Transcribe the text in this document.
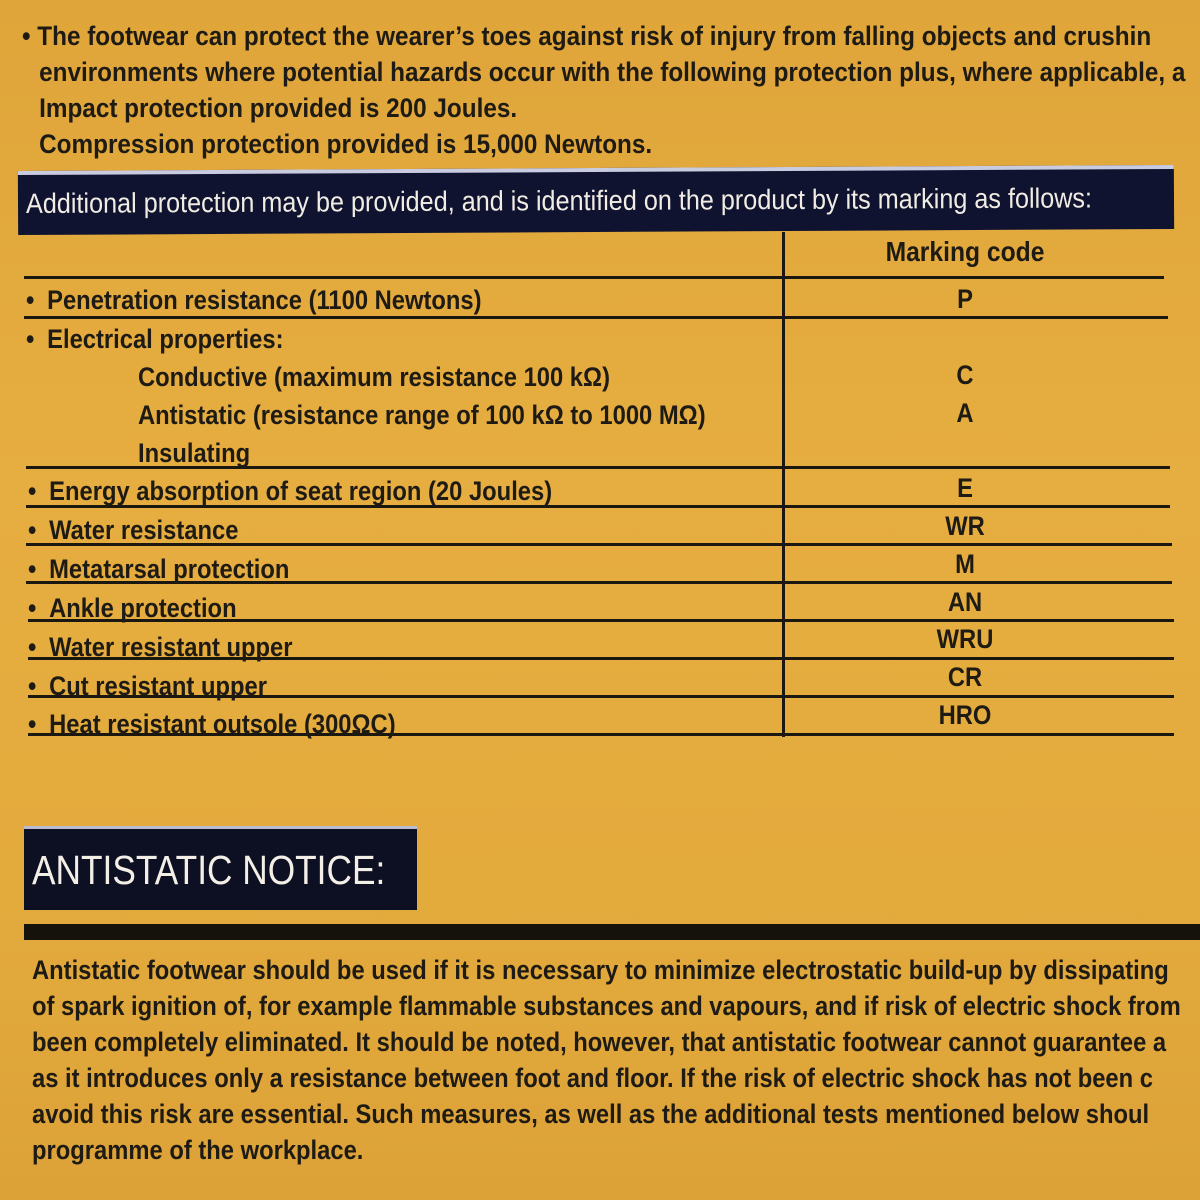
• The footwear can protect the wearer’s toes against risk of injury from falling objects and crushin
environments where potential hazards occur with the following protection plus, where applicable, a
Impact protection provided is 200 Joules.
Compression protection provided is 15,000 Newtons.
Additional protection may be provided, and is identified on the product by its marking as follows:
Marking code
• Penetration resistance (1100 Newtons)	P
• Electrical properties:
Conductive (maximum resistance 100 kΩ)	C
Antistatic (resistance range of 100 kΩ to 1000 MΩ)	A
Insulating
• Energy absorption of seat region (20 Joules)	E
• Water resistance	WR
• Metatarsal protection	M
• Ankle protection	AN
• Water resistant upper	WRU
• Cut resistant upper	CR
• Heat resistant outsole (300ΩC)	HRO
ANTISTATIC NOTICE:
Antistatic footwear should be used if it is necessary to minimize electrostatic build-up by dissipating
of spark ignition of, for example flammable substances and vapours, and if risk of electric shock from
been completely eliminated. It should be noted, however, that antistatic footwear cannot guarantee a
as it introduces only a resistance between foot and floor. If the risk of electric shock has not been c
avoid this risk are essential. Such measures, as well as the additional tests mentioned below shoul
programme of the workplace.
